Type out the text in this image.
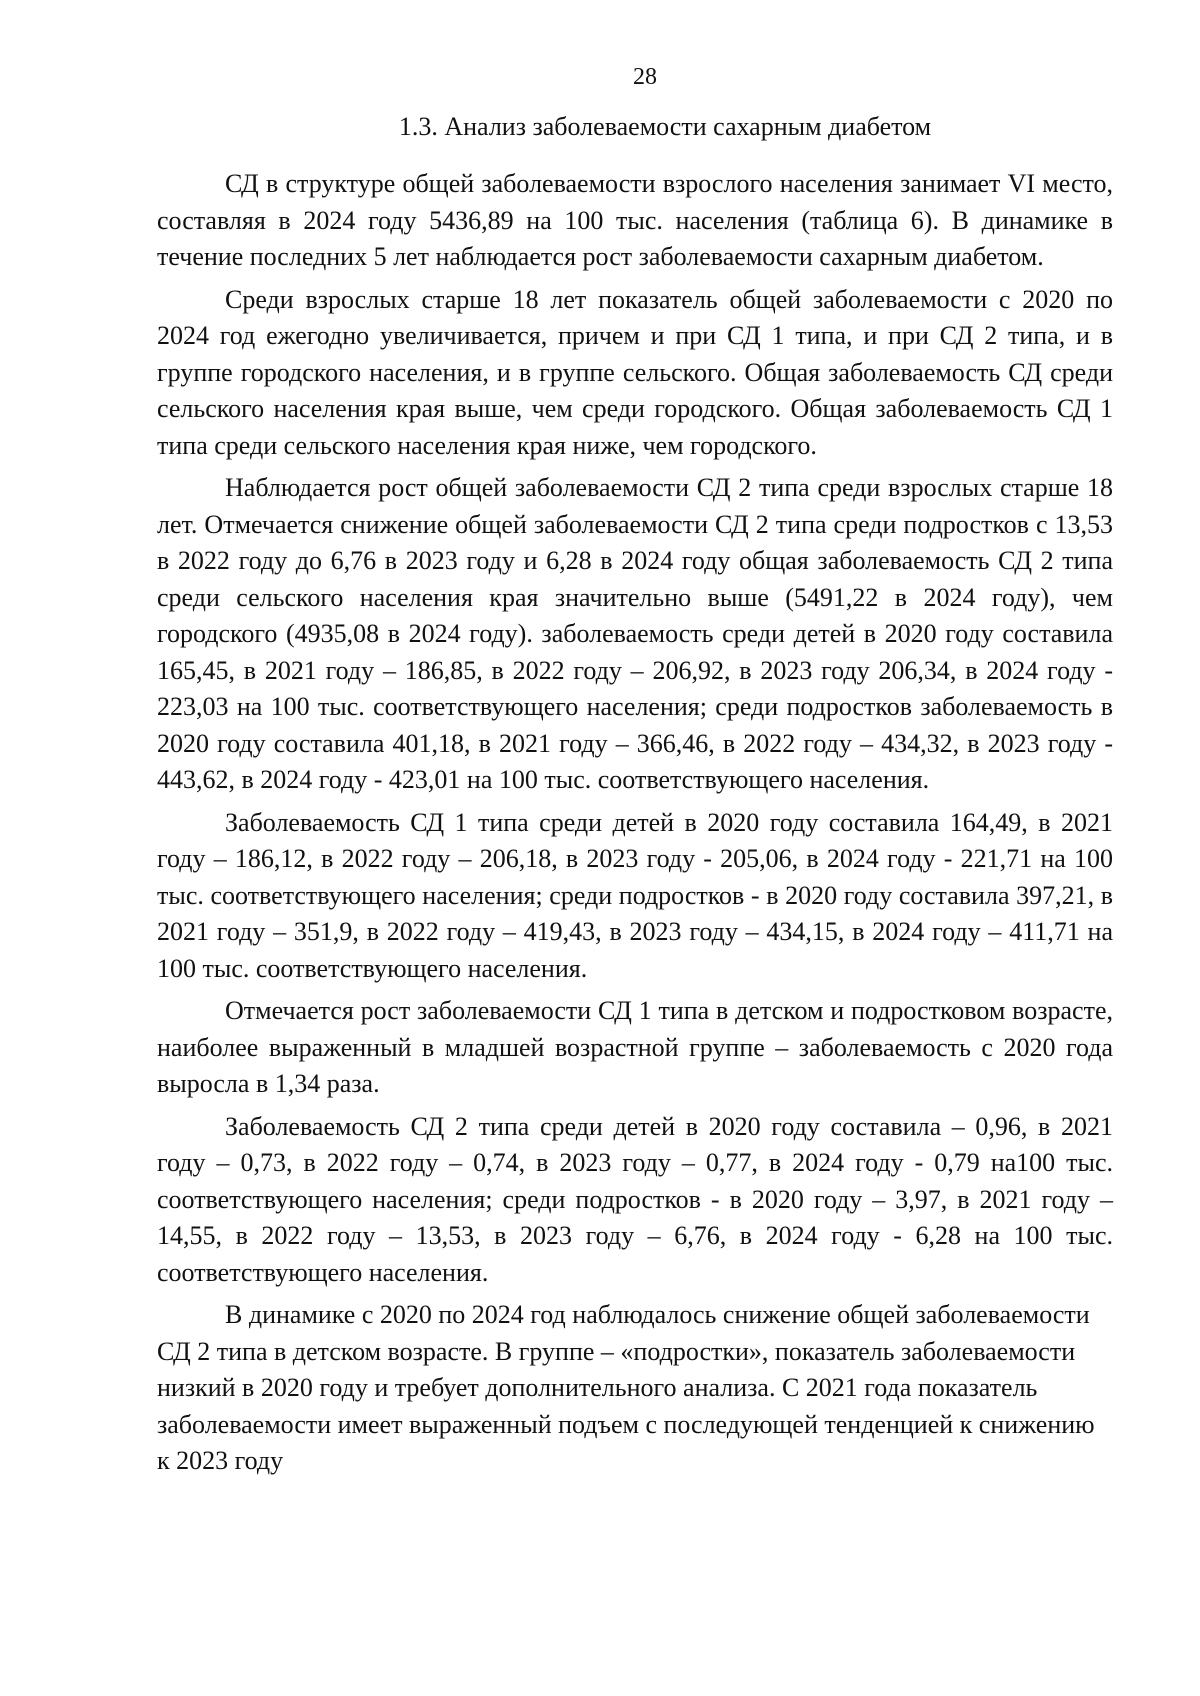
28
1.3. Анализ заболеваемости сахарным диабетом

СД в структуре общей заболеваемости взрослого населения занимает VI место, составляя в 2024 году 5436,89 на 100 тыс. населения (таблица 6). В динамике в течение последних 5 лет наблюдается рост заболеваемости сахарным диабетом.

Среди взрослых старше 18 лет показатель общей заболеваемости с 2020 по 2024 год ежегодно увеличивается, причем и при СД 1 типа, и при СД 2 типа, и в группе городского населения, и в группе сельского. Общая заболеваемость СД среди сельского населения края выше, чем среди городского. Общая заболеваемость СД 1 типа среди сельского населения края ниже, чем городского.

Наблюдается рост общей заболеваемости СД 2 типа среди взрослых старше 18 лет. Отмечается снижение общей заболеваемости СД 2 типа среди подростков с 13,53 в 2022 году до 6,76 в 2023 году и 6,28 в 2024 году общая заболеваемость СД 2 типа среди сельского населения края значительно выше (5491,22 в 2024 году), чем городского (4935,08 в 2024 году). заболеваемость среди детей в 2020 году составила 165,45, в 2021 году – 186,85, в 2022 году – 206,92, в 2023 году 206,34, в 2024 году - 223,03 на 100 тыс. соответствующего населения; среди подростков заболеваемость в 2020 году составила 401,18, в 2021 году – 366,46, в 2022 году – 434,32, в 2023 году - 443,62, в 2024 году - 423,01 на 100 тыс. соответствующего населения.

Заболеваемость СД 1 типа среди детей в 2020 году составила 164,49, в 2021 году – 186,12, в 2022 году – 206,18, в 2023 году - 205,06, в 2024 году - 221,71 на 100 тыс. соответствующего населения; среди подростков - в 2020 году составила 397,21, в 2021 году – 351,9, в 2022 году – 419,43, в 2023 году – 434,15, в 2024 году – 411,71 на 100 тыс. соответствующего населения.

Отмечается рост заболеваемости СД 1 типа в детском и подростковом возрасте, наиболее выраженный в младшей возрастной группе – заболеваемость с 2020 года выросла в 1,34 раза.

Заболеваемость СД 2 типа среди детей в 2020 году составила – 0,96, в 2021 году – 0,73, в 2022 году – 0,74, в 2023 году – 0,77, в 2024 году - 0,79 на100 тыс. соответствующего населения; среди подростков - в 2020 году – 3,97, в 2021 году – 14,55, в 2022 году – 13,53, в 2023 году – 6,76, в 2024 году - 6,28 на 100 тыс. соответствующего населения.

В динамике с 2020 по 2024 год наблюдалось снижение общей заболеваемости СД 2 типа в детском возрасте. В группе – «подростки», показатель заболеваемости низкий в 2020 году и требует дополнительного анализа. С 2021 года показатель заболеваемости имеет выраженный подъем с последующей тенденцией к снижению к 2023 году
